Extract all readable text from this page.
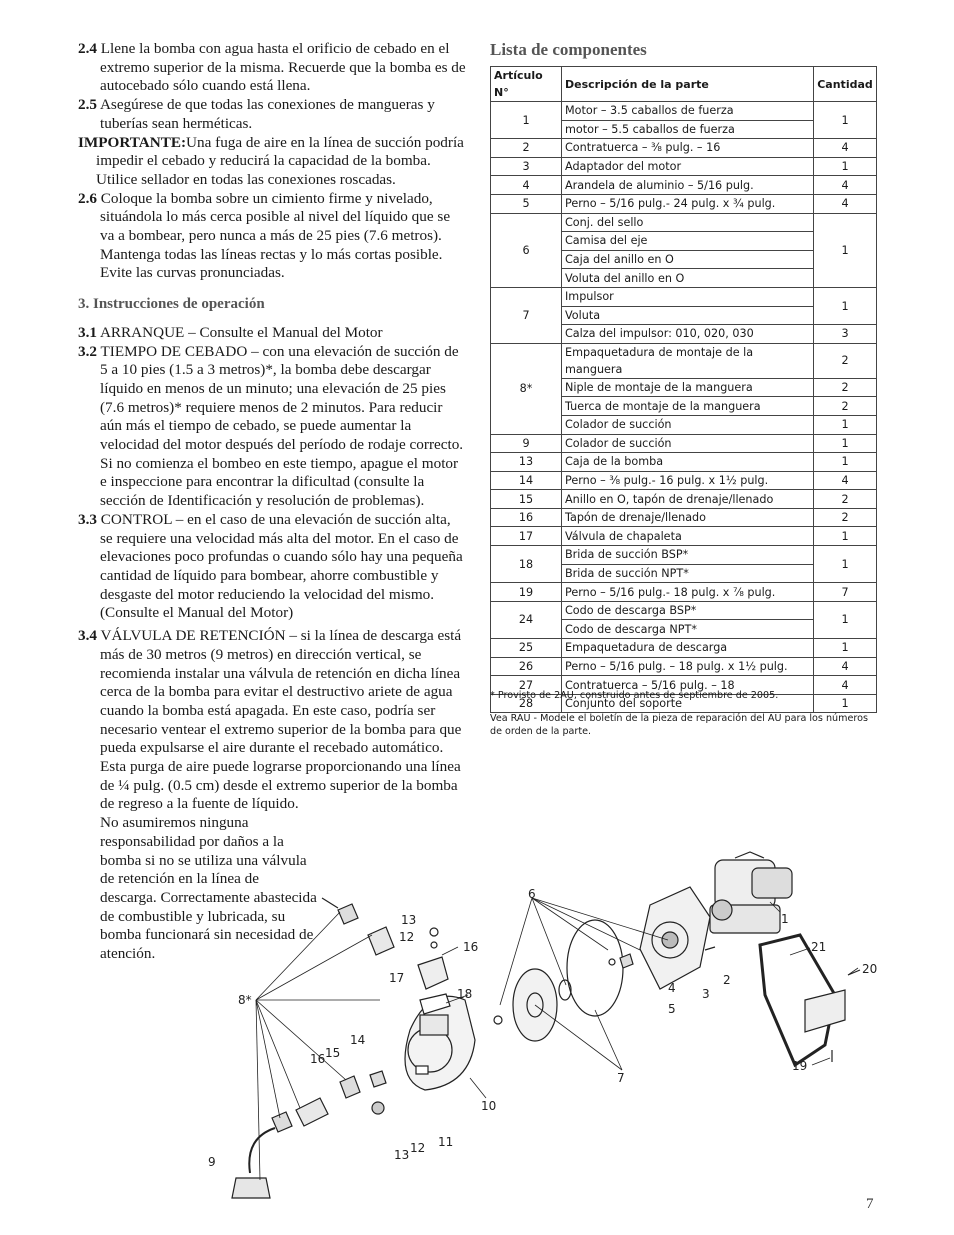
2.4 Llene la bomba con agua hasta el orificio de cebado en el extremo superior de la misma. Recuerde que la bomba es de autocebado sólo cuando está llena.

2.5 Asegúrese de que todas las conexiones de mangueras y tuberías sean herméticas.

IMPORTANTE:Una fuga de aire en la línea de succión podría impedir el cebado y reducirá la capacidad de la bomba. Utilice sellador en todas las conexiones roscadas.

2.6 Coloque la bomba sobre un cimiento firme y nivelado, situándola lo más cerca posible al nivel del líquido que se va a bombear, pero nunca a más de 25 pies (7.6 metros). Mantenga todas las líneas rectas y lo más cortas posible. Evite las curvas pronunciadas.

3. Instrucciones de operación

3.1 ARRANQUE – Consulte el Manual del Motor

3.2 TIEMPO DE CEBADO – con una elevación de succión de 5 a 10 pies (1.5 a 3 metros)*, la bomba debe descargar líquido en menos de un minuto; una elevación de 25 pies (7.6 metros)* requiere menos de 2 minutos. Para reducir aún más el tiempo de cebado, se puede aumentar la velocidad del motor después del período de rodaje correcto. Si no comienza el bombeo en este tiempo, apague el motor e inspeccione para encontrar la dificultad (consulte la sección de Identificación y resolución de problemas).

3.3 CONTROL – en el caso de una elevación de succión alta, se requiere una velocidad más alta del motor. En el caso de elevaciones poco profundas o cuando sólo hay una pequeña cantidad de líquido para bombear, ahorre combustible y desgaste del motor reduciendo la velocidad del mismo. (Consulte el Manual del Motor)

3.4 VÁLVULA DE RETENCIÓN – si la línea de descarga está más de 30 metros (9 metros) en dirección vertical, se recomienda instalar una válvula de retención en dicha línea cerca de la bomba para evitar el destructivo ariete de agua cuando la bomba está apagada. En este caso, podría ser necesario ventear el extremo superior de la bomba para que pueda expulsarse el aire durante el recebado automático. Esta purga de aire puede lograrse proporcionando una línea de ¼ pulg. (0.5 cm) desde el extremo superior de la bomba de regreso a la fuente de líquido.

No asumiremos ninguna responsabilidad por daños a la bomba si no se utiliza una válvula de retención en la línea de descarga. Correctamente abastecida de combustible y lubricada, su bomba funcionará sin necesidad de atención.

Lista de componentes
Artículo N°	Descripción de la parte	Cantidad
1	Motor – 3.5 caballos de fuerza	1
	motor – 5.5 caballos de fuerza	
2	Contratuerca – ⅜ pulg. – 16	4
3	Adaptador del motor	1
4	Arandela de aluminio – 5/16 pulg.	4
5	Perno – 5/16 pulg.- 24 pulg. x ¾ pulg.	4
6	Conj. del sello	1
	Camisa del eje	
	Caja del anillo en O	
	Voluta del anillo en O	
7	Impulsor	1
	Voluta	
	Calza del impulsor: 010, 020, 030	3
8*	Empaquetadura de montaje de la manguera	2
	Niple de montaje de la manguera	2
	Tuerca de montaje de la manguera	2
	Colador de succión	1
9	Colador de succión	1
13	Caja de la bomba	1
14	Perno – ⅜ pulg.- 16 pulg. x 1½ pulg.	4
15	Anillo en O, tapón de drenaje/llenado	2
16	Tapón de drenaje/llenado	2
17	Válvula de chapaleta	1
18	Brida de succión BSP*	1
	Brida de succión NPT*	
19	Perno – 5/16 pulg.- 18 pulg. x ⅞ pulg.	7
24	Codo de descarga BSP*	1
	Codo de descarga NPT*	
25	Empaquetadura de descarga	1
26	Perno – 5/16 pulg. – 18 pulg. x 1½ pulg.	4
27	Contratuerca – 5/16 pulg. – 18	4
28	Conjunto del soporte	1
* Provisto de 2AU, construido antes de septiembre de 2005.
Vea RAU - Modele el boletín de la pieza de reparación del AU para los números de orden de la parte.
6
13
12
16
17
18
8*
14
16 15
10
13 12 11
9
1
21
20
2
3
4
5
7
19
7
